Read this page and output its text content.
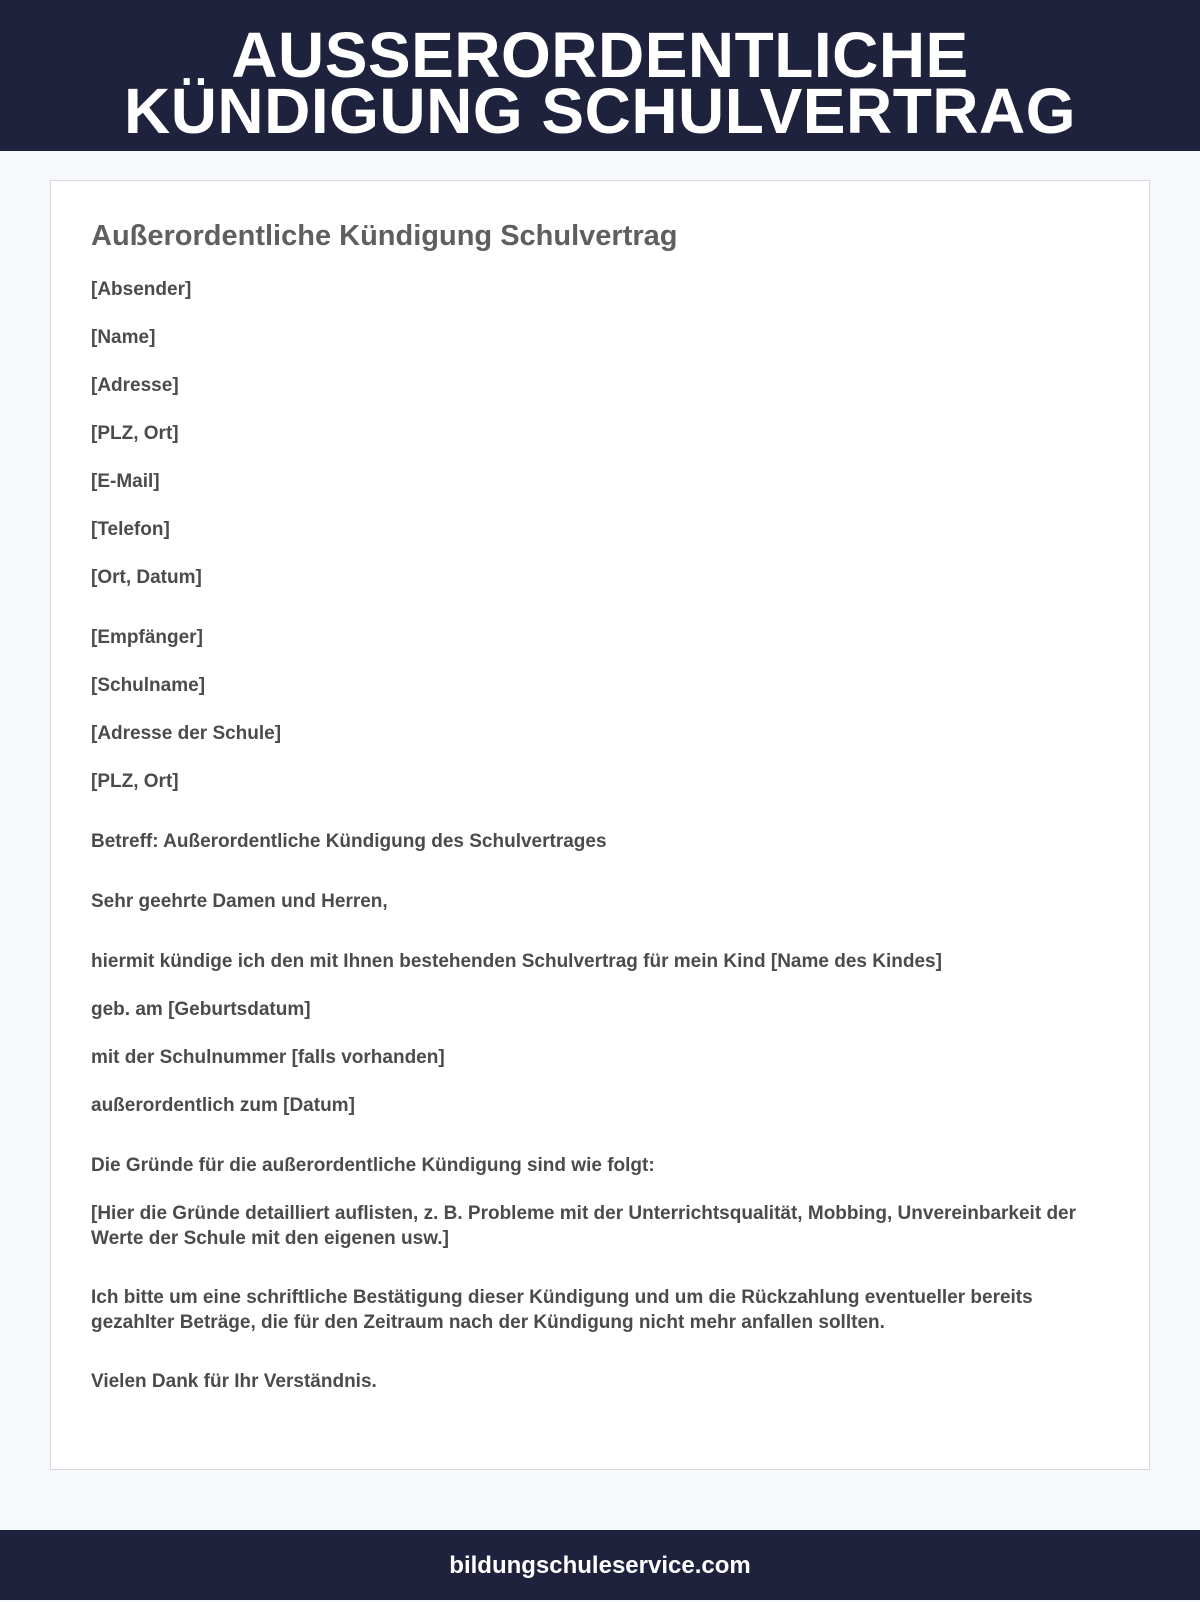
AUSSERORDENTLICHE
KÜNDIGUNG SCHULVERTRAG
Außerordentliche Kündigung Schulvertrag

[Absender]

[Name]

[Adresse]

[PLZ, Ort]

[E-Mail]

[Telefon]

[Ort, Datum]

[Empfänger]

[Schulname]

[Adresse der Schule]

[PLZ, Ort]

Betreff: Außerordentliche Kündigung des Schulvertrages

Sehr geehrte Damen und Herren,

hiermit kündige ich den mit Ihnen bestehenden Schulvertrag für mein Kind [Name des Kindes]

geb. am [Geburtsdatum]

mit der Schulnummer [falls vorhanden]

außerordentlich zum [Datum]

Die Gründe für die außerordentliche Kündigung sind wie folgt:

[Hier die Gründe detailliert auflisten, z. B. Probleme mit der Unterrichtsqualität, Mobbing, Unvereinbarkeit der Werte der Schule mit den eigenen usw.]

Ich bitte um eine schriftliche Bestätigung dieser Kündigung und um die Rückzahlung eventueller bereits gezahlter Beträge, die für den Zeitraum nach der Kündigung nicht mehr anfallen sollten.

Vielen Dank für Ihr Verständnis.

bildungschuleservice.com
